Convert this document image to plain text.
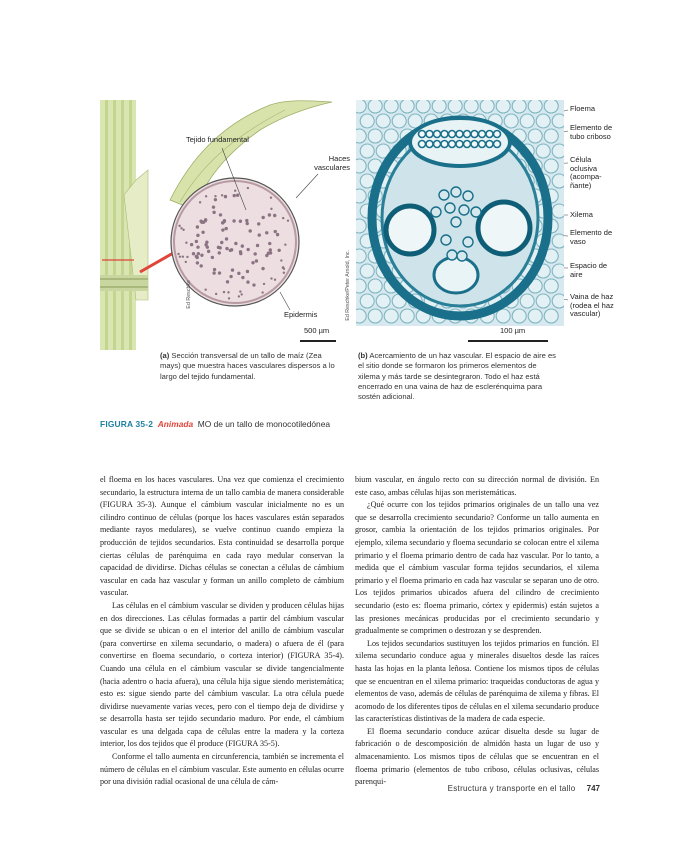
Tejido fundamental
Haces vasculares
Epidermis
500 µm
Ed Reschke	Ed Reschke/Peter Arnold, Inc.
Floema
Elemento de tubo criboso
Célula oclusiva (acompa- ñante)
Xilema
Elemento de vaso
Espacio de aire
Vaina de haz (rodea el haz vascular)
100 µm
(a) Sección transversal de un tallo de maíz (Zea mays) que muestra haces vasculares dispersos a lo largo del tejido fundamental.
(b) Acercamiento de un haz vascular. El espacio de aire es el sitio donde se formaron los primeros elementos de xilema y más tarde se desintegraron. Todo el haz está encerrado en una vaina de haz de esclerénquima para sostén adicional.
FIGURA 35-2 Animada MO de un tallo de monocotiledónea

el floema en los haces vasculares. Una vez que comienza el crecimiento secundario, la estructura interna de un tallo cambia de manera considerable (FIGURA 35-3). Aunque el cámbium vascular inicialmente no es un cilindro continuo de células (porque los haces vasculares están separados mediante rayos medulares), se vuelve continuo cuando empieza la producción de tejidos secundarios. Esta continuidad se desarrolla porque ciertas células de parénquima en cada rayo medular conservan la capacidad de dividirse. Dichas células se conectan a células de cámbium vascular en cada haz vascular y forman un anillo completo de cámbium vascular.

Las células en el cámbium vascular se dividen y producen células hijas en dos direcciones. Las células formadas a partir del cámbium vascular que se divide se ubican o en el interior del anillo de cámbium vascular (para convertirse en xilema secundario, o madera) o afuera de él (para convertirse en floema secundario, o corteza interior) (FIGURA 35-4). Cuando una célula en el cámbium vascular se divide tangencialmente (hacia adentro o hacia afuera), una célula hija sigue siendo meristemática; esto es: sigue siendo parte del cámbium vascular. La otra célula puede dividirse nuevamente varias veces, pero con el tiempo deja de dividirse y se desarrolla hasta ser tejido secundario maduro. Por ende, el cámbium vascular es una delgada capa de células entre la madera y la corteza interior, los dos tejidos que él produce (FIGURA 35-5).

Conforme el tallo aumenta en circunferencia, también se incrementa el número de células en el cámbium vascular. Este aumento en células ocurre por una división radial ocasional de una célula de cám-

bium vascular, en ángulo recto con su dirección normal de división. En este caso, ambas células hijas son meristemáticas.

¿Qué ocurre con los tejidos primarios originales de un tallo una vez que se desarrolla crecimiento secundario? Conforme un tallo aumenta en grosor, cambia la orientación de los tejidos primarios originales. Por ejemplo, xilema secundario y floema secundario se colocan entre el xilema primario y el floema primario dentro de cada haz vascular. Por lo tanto, a medida que el cámbium vascular forma tejidos secundarios, el xilema primario y el floema primario en cada haz vascular se separan uno de otro. Los tejidos primarios ubicados afuera del cilindro de crecimiento secundario (esto es: floema primario, córtex y epidermis) están sujetos a las presiones mecánicas producidas por el crecimiento secundario y gradualmente se comprimen o destrozan y se desprenden.

Los tejidos secundarios sustituyen los tejidos primarios en función. El xilema secundario conduce agua y minerales disueltos desde las raíces hasta las hojas en la planta leñosa. Contiene los mismos tipos de células que se encuentran en el xilema primario: traqueidas conductoras de agua y elementos de vaso, además de células de parénquima de xilema y fibras. El acomodo de los diferentes tipos de células en el xilema secundario produce las características distintivas de la madera de cada especie.

El floema secundario conduce azúcar disuelta desde su lugar de fabricación o de descomposición de almidón hasta un lugar de uso y almacenamiento. Los mismos tipos de células que se encuentran en el floema primario (elementos de tubo criboso, células oclusivas, células parenqui-

Estructura y transporte en el tallo 747
